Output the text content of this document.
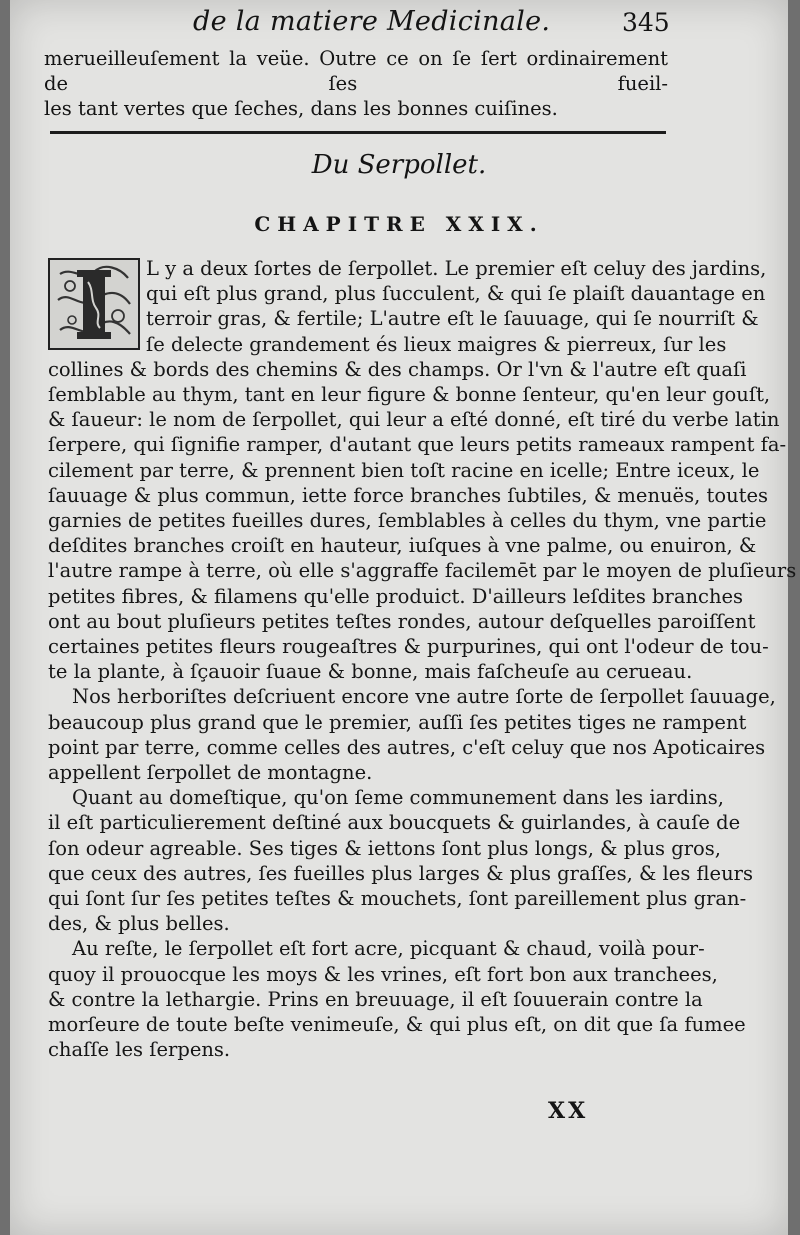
de la matiere Medicinale.	345
merueilleuſement la veüe. Outre ce on ſe ſert ordinairement de ſes fueil-
les tant vertes que ſeches, dans les bonnes cuiſines.
Du Serpollet.
CHAPITRE XXIX.
L y a deux ſortes de ſerpollet. Le premier eſt celuy des jardins,
qui eſt plus grand, plus ſucculent, & qui ſe plaiſt dauantage en
terroir gras, & fertile; L'autre eſt le ſauuage, qui ſe nourriſt &
ſe delecte grandement és lieux maigres & pierreux, ſur les
collines & bords des chemins & des champs. Or l'vn & l'autre eſt quaſi
ſemblable au thym, tant en leur figure & bonne ſenteur, qu'en leur gouſt,
& ſaueur: le nom de ſerpollet, qui leur a eſté donné, eſt tiré du verbe latin
ſerpere, qui ſignifie ramper, d'autant que leurs petits rameaux rampent fa-
cilement par terre, & prennent bien toſt racine en icelle; Entre iceux, le
ſauuage & plus commun, iette force branches ſubtiles, & menuës, toutes
garnies de petites fueilles dures, ſemblables à celles du thym, vne partie
deſdites branches croiſt en hauteur, iuſques à vne palme, ou enuiron, &
l'autre rampe à terre, où elle s'aggraffe facilemēt par le moyen de pluſieurs
petites fibres, & filamens qu'elle produict. D'ailleurs leſdites branches
ont au bout pluſieurs petites teſtes rondes, autour deſquelles paroiſſent
certaines petites fleurs rougeaſtres & purpurines, qui ont l'odeur de tou-
te la plante, à ſçauoir ſuaue & bonne, mais faſcheuſe au cerueau.
Nos herboriſtes deſcriuent encore vne autre ſorte de ſerpollet ſauuage,
beaucoup plus grand que le premier, auſſi ſes petites tiges ne rampent
point par terre, comme celles des autres, c'eſt celuy que nos Apoticaires
appellent ſerpollet de montagne.
Quant au domeſtique, qu'on ſeme communement dans les iardins,
il eſt particulierement deſtiné aux boucquets & guirlandes, à cauſe de
ſon odeur agreable. Ses tiges & iettons ſont plus longs, & plus gros,
que ceux des autres, ſes fueilles plus larges & plus graſſes, & les fleurs
qui ſont ſur ſes petites teſtes & mouchets, ſont pareillement plus gran-
des, & plus belles.
Au reſte, le ſerpollet eſt fort acre, picquant & chaud, voilà pour-
quoy il prouocque les moys & les vrines, eſt fort bon aux tranchees,
& contre la lethargie. Prins en breuuage, il eſt ſouuerain contre la
morſeure de toute beſte venimeuſe, & qui plus eſt, on dit que ſa fumee
chaſſe les ſerpens.
XX
